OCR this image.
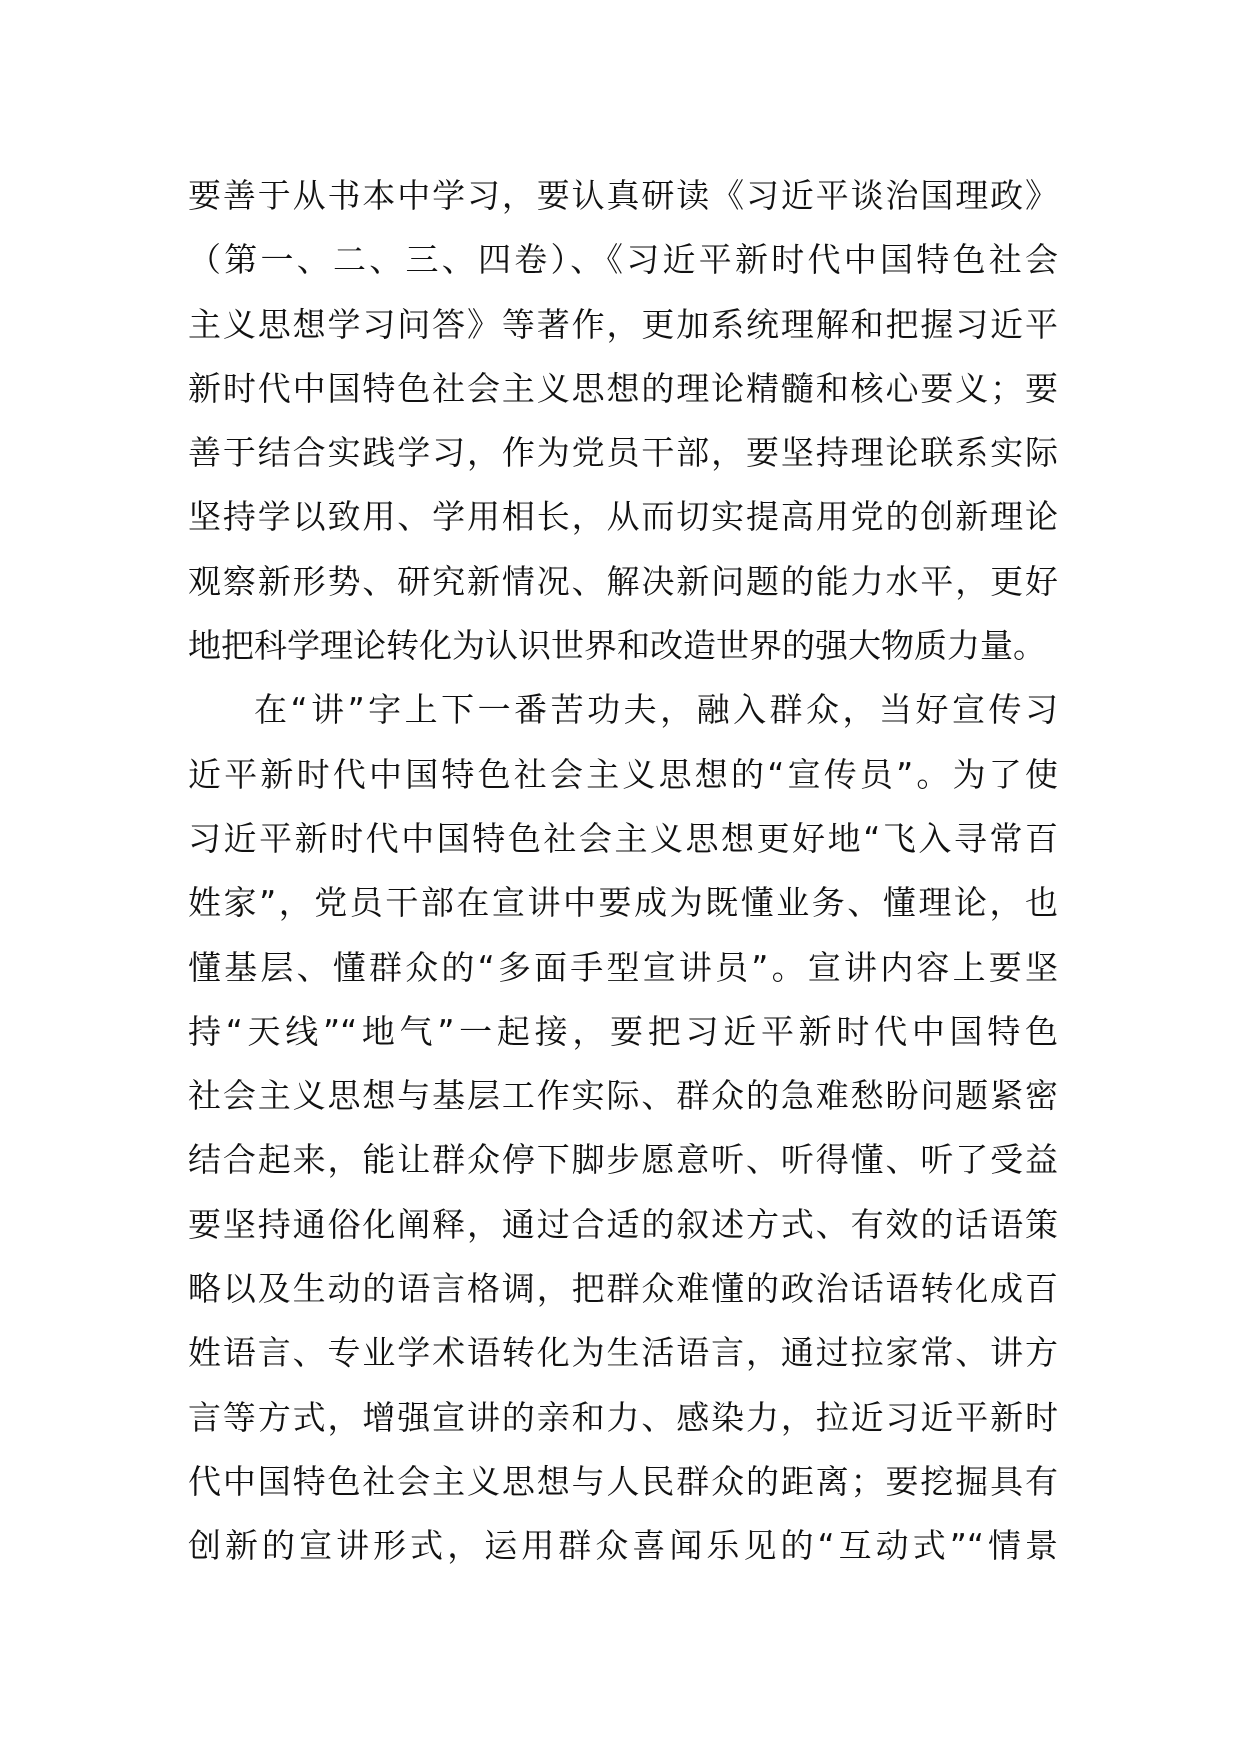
要善于从书本中学习，要认真研读《习近平谈治国理政》
（第一、二、三、四卷）、《习近平新时代中国特色社会
主义思想学习问答》等著作，更加系统理解和把握习近平
新时代中国特色社会主义思想的理论精髓和核心要义；要
善于结合实践学习，作为党员干部，要坚持理论联系实际
坚持学以致用、学用相长，从而切实提高用党的创新理论
观察新形势、研究新情况、解决新问题的能力水平，更好
地把科学理论转化为认识世界和改造世界的强大物质力量。
在“讲”字上下一番苦功夫，融入群众，当好宣传习
近平新时代中国特色社会主义思想的“宣传员”。为了使
习近平新时代中国特色社会主义思想更好地“飞入寻常百
姓家”，党员干部在宣讲中要成为既懂业务、懂理论，也
懂基层、懂群众的“多面手型宣讲员”。宣讲内容上要坚
持“天线”“地气”一起接，要把习近平新时代中国特色
社会主义思想与基层工作实际、群众的急难愁盼问题紧密
结合起来，能让群众停下脚步愿意听、听得懂、听了受益
要坚持通俗化阐释，通过合适的叙述方式、有效的话语策
略以及生动的语言格调，把群众难懂的政治话语转化成百
姓语言、专业学术语转化为生活语言，通过拉家常、讲方
言等方式，增强宣讲的亲和力、感染力，拉近习近平新时
代中国特色社会主义思想与人民群众的距离；要挖掘具有
创新的宣讲形式，运用群众喜闻乐见的“互动式”“情景
